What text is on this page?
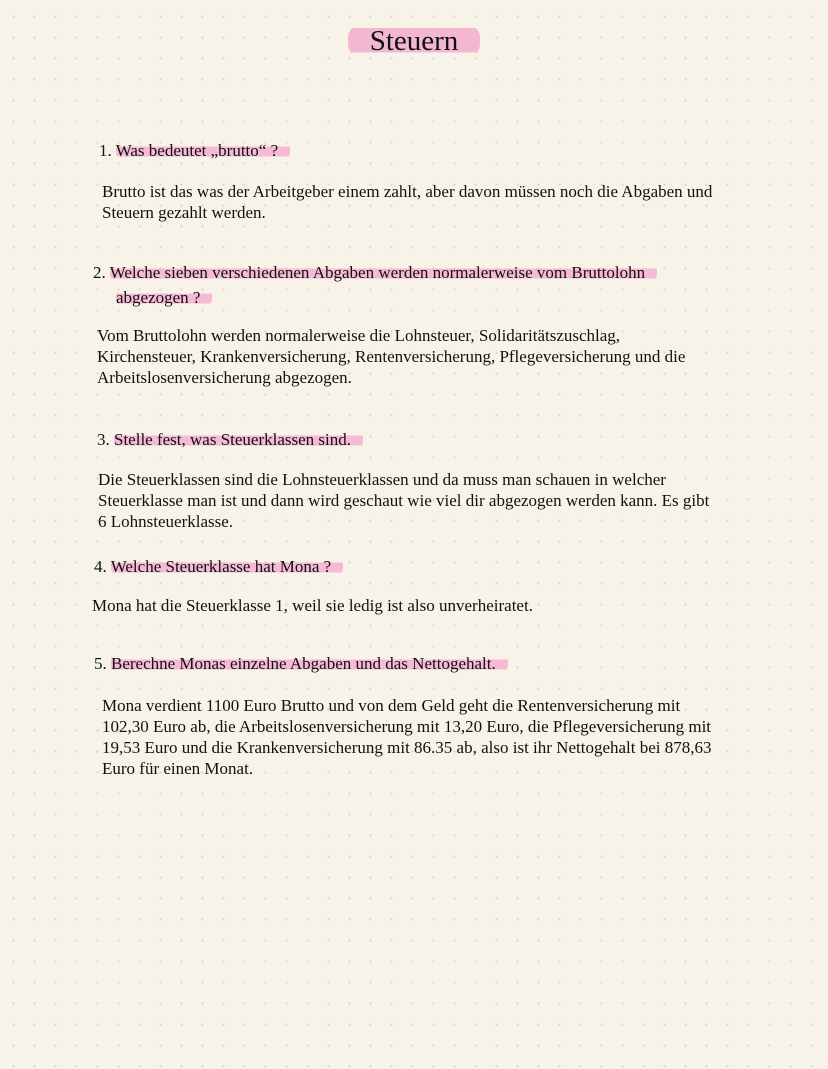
Steuern

1. Was bedeutet „brutto“ ?

Brutto ist das was der Arbeitgeber einem zahlt, aber davon müssen noch die Abgaben und
Steuern gezahlt werden.

2. Welche sieben verschiedenen Abgaben werden normalerweise vom Bruttolohn

abgezogen ?

Vom Bruttolohn werden normalerweise die Lohnsteuer, Solidaritätszuschlag,
Kirchensteuer, Krankenversicherung, Rentenversicherung, Pflegeversicherung und die
Arbeitslosenversicherung abgezogen.

3. Stelle fest, was Steuerklassen sind.

Die Steuerklassen sind die Lohnsteuerklassen und da muss man schauen in welcher
Steuerklasse man ist und dann wird geschaut wie viel dir abgezogen werden kann. Es gibt
6 Lohnsteuerklasse.

4. Welche Steuerklasse hat Mona ?

Mona hat die Steuerklasse 1, weil sie ledig ist also unverheiratet.

5. Berechne Monas einzelne Abgaben und das Nettogehalt.

Mona verdient 1100 Euro Brutto und von dem Geld geht die Rentenversicherung mit
102,30 Euro ab, die Arbeitslosenversicherung mit 13,20 Euro, die Pflegeversicherung mit
19,53 Euro und die Krankenversicherung mit 86.35 ab, also ist ihr Nettogehalt bei 878,63
Euro für einen Monat.
